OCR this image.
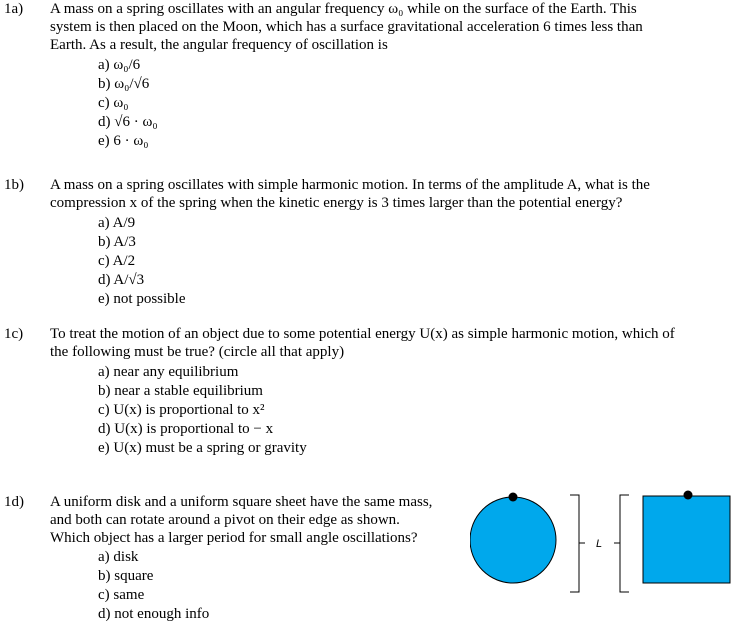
1a) A mass on a spring oscillates with an angular frequency ω₀ while on the surface of the Earth. This
system is then placed on the Moon, which has a surface gravitational acceleration 6 times less than
Earth. As a result, the angular frequency of oscillation is
a) ω₀/6
b) ω₀/√6
c) ω₀
d) √6 · ω₀
e) 6 · ω₀
1b) A mass on a spring oscillates with simple harmonic motion. In terms of the amplitude A, what is the
compression x of the spring when the kinetic energy is 3 times larger than the potential energy?
a) A/9
b) A/3
c) A/2
d) A/√3
e) not possible
1c) To treat the motion of an object due to some potential energy U(x) as simple harmonic motion, which of
the following must be true? (circle all that apply)
a) near any equilibrium
b) near a stable equilibrium
c) U(x) is proportional to x²
d) U(x) is proportional to − x
e) U(x) must be a spring or gravity
1d) A uniform disk and a uniform square sheet have the same mass,
and both can rotate around a pivot on their edge as shown.
Which object has a larger period for small angle oscillations?
a) disk
b) square
c) same
d) not enough info
L
